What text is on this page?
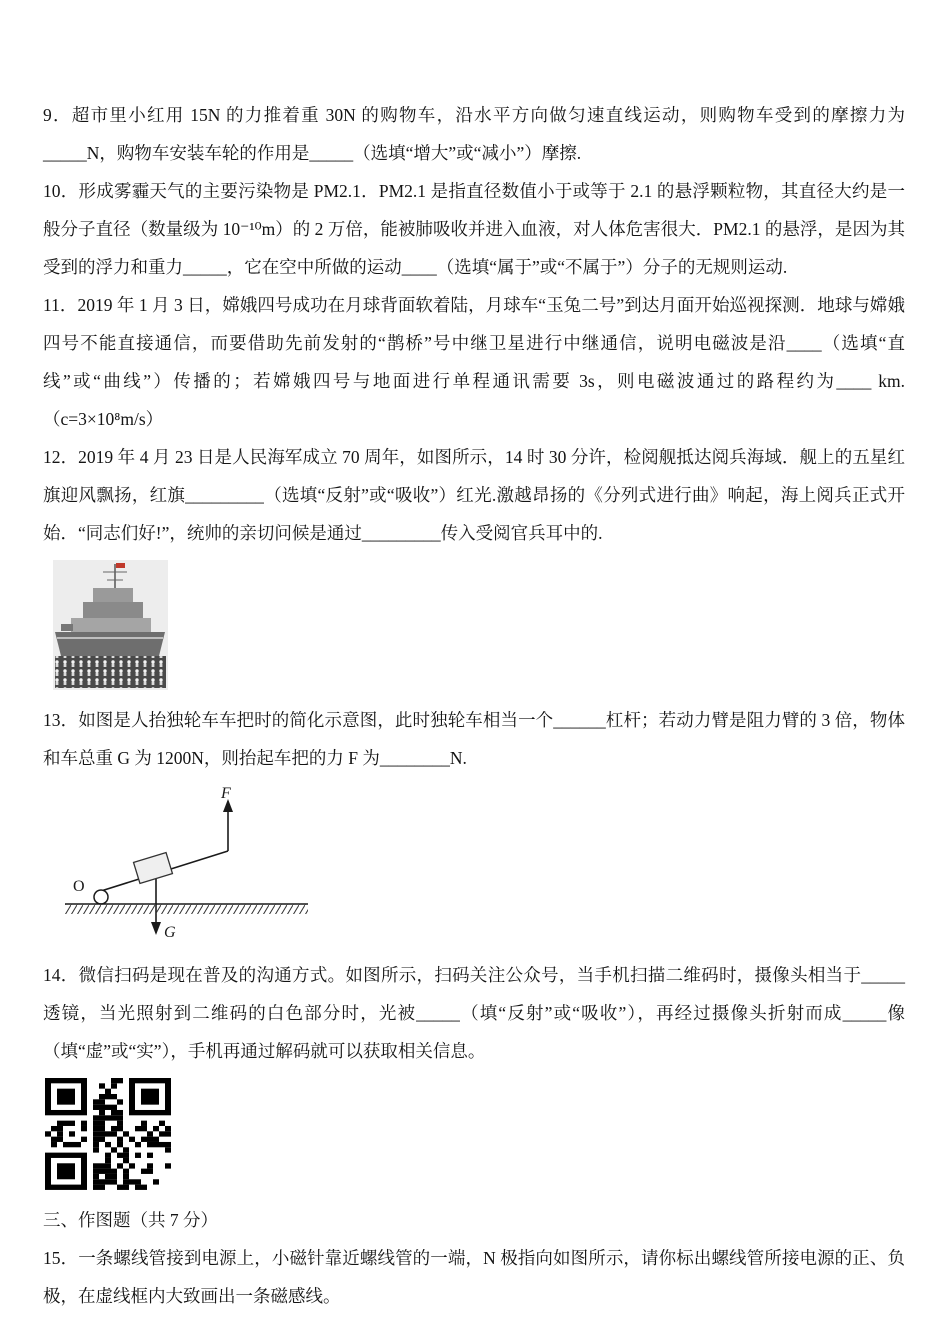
9．超市里小红用 15N 的力推着重 30N 的购物车，沿水平方向做匀速直线运动，则购物车受到的摩擦力为_____N，购物车安装车轮的作用是_____（选填“增大”或“减小”）摩擦.

10．形成雾霾天气的主要污染物是 PM2.1．PM2.1 是指直径数值小于或等于 2.1 的悬浮颗粒物，其直径大约是一般分子直径（数量级为 10⁻¹⁰m）的 2 万倍，能被肺吸收并进入血液，对人体危害很大．PM2.1 的悬浮，是因为其受到的浮力和重力_____，它在空中所做的运动____（选填“属于”或“不属于”）分子的无规则运动.

11．2019 年 1 月 3 日，嫦娥四号成功在月球背面软着陆，月球车“玉兔二号”到达月面开始巡视探测．地球与嫦娥四号不能直接通信，而要借助先前发射的“鹊桥”号中继卫星进行中继通信，说明电磁波是沿____（选填“直线”或“曲线”）传播的；若嫦娥四号与地面进行单程通讯需要 3s，则电磁波通过的路程约为____ km.（c=3×10⁸m/s）

12．2019 年 4 月 23 日是人民海军成立 70 周年，如图所示，14 时 30 分许，检阅舰抵达阅兵海域．舰上的五星红旗迎风飘扬，红旗_________（选填“反射”或“吸收”）红光.激越昂扬的《分列式进行曲》响起，海上阅兵正式开始．“同志们好!”，统帅的亲切问候是通过_________传入受阅官兵耳中的.

13．如图是人抬独轮车车把时的简化示意图，此时独轮车相当一个______杠杆；若动力臂是阻力臂的 3 倍，物体和车总重 G 为 1200N，则抬起车把的力 F 为________N.

F
O
G

14．微信扫码是现在普及的沟通方式。如图所示，扫码关注公众号，当手机扫描二维码时，摄像头相当于_____透镜，当光照射到二维码的白色部分时，光被_____（填“反射”或“吸收”），再经过摄像头折射而成_____像（填“虚”或“实”），手机再通过解码就可以获取相关信息。

三、作图题（共 7 分）

15．一条螺线管接到电源上，小磁针靠近螺线管的一端，N 极指向如图所示，请你标出螺线管所接电源的正、负极，在虚线框内大致画出一条磁感线。
